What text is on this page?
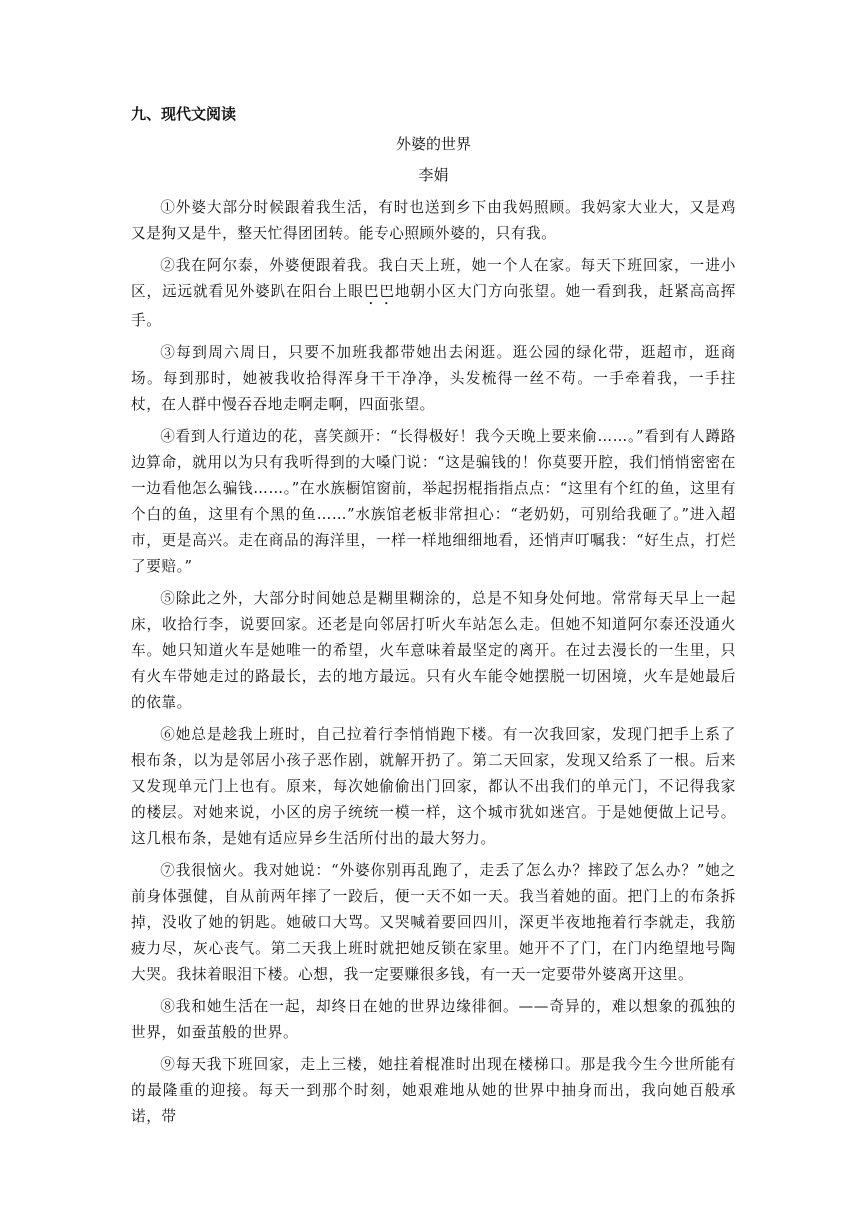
九、现代文阅读
外婆的世界
李娟

①外婆大部分时候跟着我生活，有时也送到乡下由我妈照顾。我妈家大业大，又是鸡又是狗又是牛，整天忙得团团转。能专心照顾外婆的，只有我。

②我在阿尔泰，外婆便跟着我。我白天上班，她一个人在家。每天下班回家，一进小区，远远就看见外婆趴在阳台上眼巴巴地朝小区大门方向张望。她一看到我，赶紧高高挥手。

③每到周六周日，只要不加班我都带她出去闲逛。逛公园的绿化带，逛超市，逛商场。每到那时，她被我收拾得浑身干干净净，头发梳得一丝不苟。一手牵着我，一手拄杖，在人群中慢吞吞地走啊走啊，四面张望。

④看到人行道边的花，喜笑颜开：“长得极好！我今天晚上要来偷……。”看到有人蹲路边算命，就用以为只有我听得到的大嗓门说：“这是骗钱的！你莫要开腔，我们悄悄密密在一边看他怎么骗钱……。”在水族橱馆窗前，举起拐棍指指点点：“这里有个红的鱼，这里有个白的鱼，这里有个黑的鱼……”水族馆老板非常担心：“老奶奶，可别给我砸了。”进入超市，更是高兴。走在商品的海洋里，一样一样地细细地看，还悄声叮嘱我：“好生点，打烂了要赔。”

⑤除此之外，大部分时间她总是糊里糊涂的，总是不知身处何地。常常每天早上一起床，收拾行李，说要回家。还老是向邻居打听火车站怎么走。但她不知道阿尔泰还没通火车。她只知道火车是她唯一的希望，火车意味着最坚定的离开。在过去漫长的一生里，只有火车带她走过的路最长，去的地方最远。只有火车能令她摆脱一切困境，火车是她最后的依靠。

⑥她总是趁我上班时，自己拉着行李悄悄跑下楼。有一次我回家，发现门把手上系了根布条，以为是邻居小孩子恶作剧，就解开扔了。第二天回家，发现又给系了一根。后来又发现单元门上也有。原来，每次她偷偷出门回家，都认不出我们的单元门，不记得我家的楼层。对她来说，小区的房子统统一模一样，这个城市犹如迷宫。于是她便做上记号。这几根布条，是她有适应异乡生活所付出的最大努力。

⑦我很恼火。我对她说：“外婆你别再乱跑了，走丢了怎么办？摔跤了怎么办？”她之前身体强健，自从前两年摔了一跤后，便一天不如一天。我当着她的面。把门上的布条拆掉，没收了她的钥匙。她破口大骂。又哭喊着要回四川，深更半夜地拖着行李就走，我筋疲力尽，灰心丧气。第二天我上班时就把她反锁在家里。她开不了门，在门内绝望地号陶大哭。我抹着眼泪下楼。心想，我一定要赚很多钱，有一天一定要带外婆离开这里。

⑧我和她生活在一起，却终日在她的世界边缘徘徊。——奇异的，难以想象的孤独的世界，如蚕茧般的世界。

⑨每天我下班回家，走上三楼，她拄着棍准时出现在楼梯口。那是我今生今世所能有的最隆重的迎接。每天一到那个时刻，她艰难地从她的世界中抽身而出，我向她百般承诺，带
